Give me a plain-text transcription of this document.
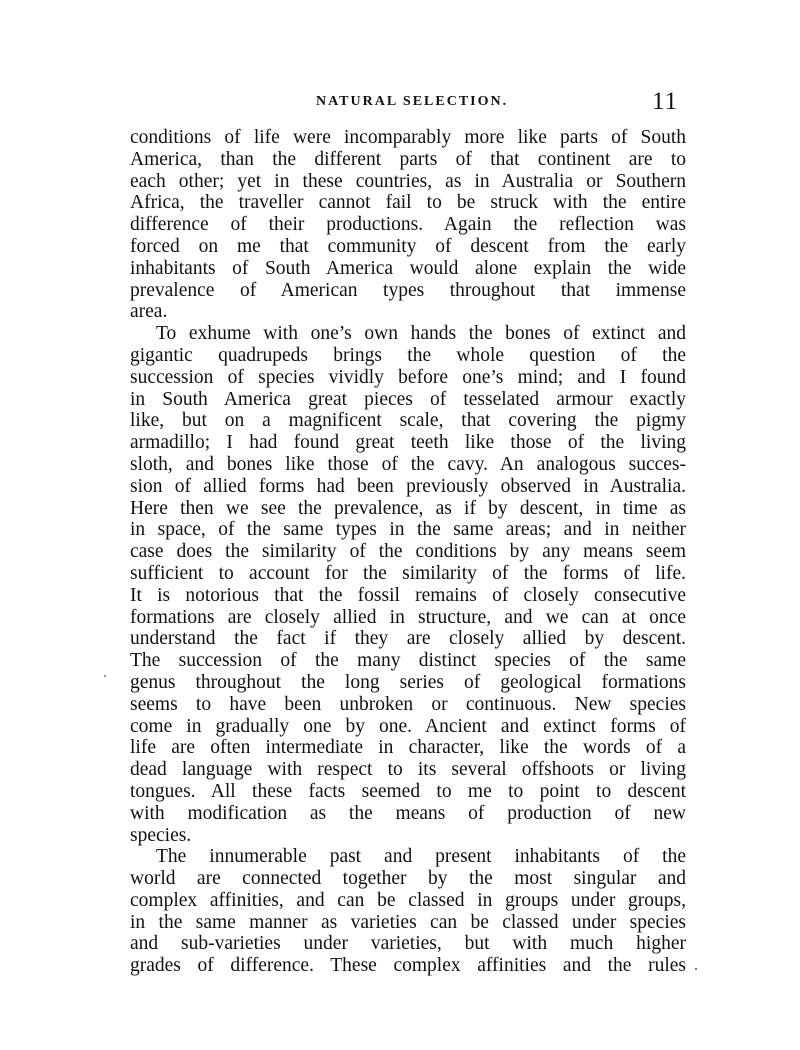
NATURAL SELECTION.	11
conditions of life were incomparably more like parts of South
America, than the different parts of that continent are to
each other; yet in these countries, as in Australia or Southern
Africa, the traveller cannot fail to be struck with the entire
difference of their productions. Again the reflection was
forced on me that community of descent from the early
inhabitants of South America would alone explain the wide
prevalence of American types throughout that immense
area.
To exhume with one’s own hands the bones of extinct and
gigantic quadrupeds brings the whole question of the
succession of species vividly before one’s mind; and I found
in South America great pieces of tesselated armour exactly
like, but on a magnificent scale, that covering the pigmy
armadillo; I had found great teeth like those of the living
sloth, and bones like those of the cavy. An analogous succes-
sion of allied forms had been previously observed in Australia.
Here then we see the prevalence, as if by descent, in time as
in space, of the same types in the same areas; and in neither
case does the similarity of the conditions by any means seem
sufficient to account for the similarity of the forms of life.
It is notorious that the fossil remains of closely consecutive
formations are closely allied in structure, and we can at once
understand the fact if they are closely allied by descent.
The succession of the many distinct species of the same
genus throughout the long series of geological formations
seems to have been unbroken or continuous. New species
come in gradually one by one. Ancient and extinct forms of
life are often intermediate in character, like the words of a
dead language with respect to its several offshoots or living
tongues. All these facts seemed to me to point to descent
with modification as the means of production of new
species.
The innumerable past and present inhabitants of the
world are connected together by the most singular and
complex affinities, and can be classed in groups under groups,
in the same manner as varieties can be classed under species
and sub-varieties under varieties, but with much higher
grades of difference. These complex affinities and the rules
